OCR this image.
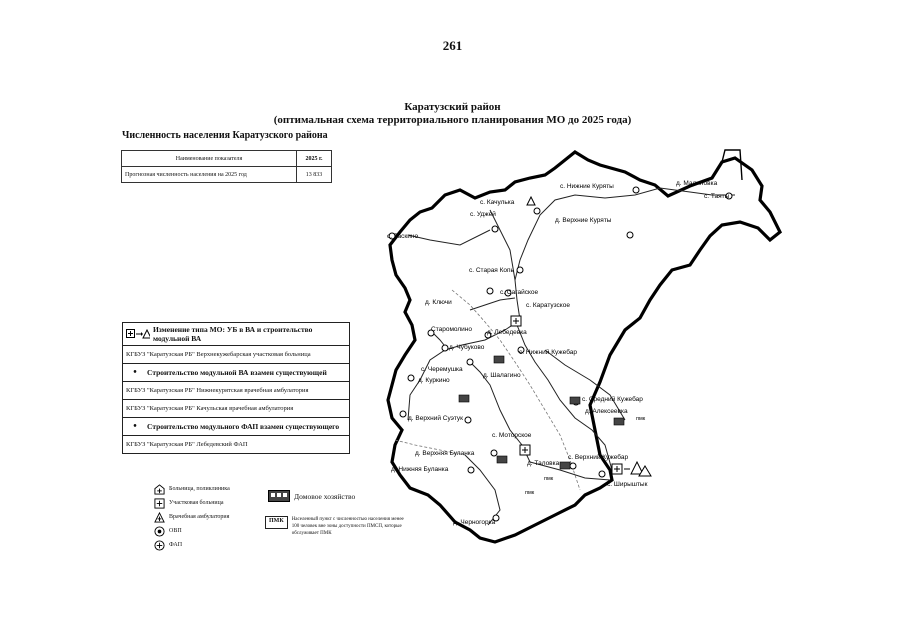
261
Каратузский район
(оптимальная схема территориального планирования МО до 2025 года)
Численность населения Каратузского района
Наименование показателя	2025 г.
Прогнозная численность населения на 2025 год	13 833
Изменение типа МО: УБ в ВА и строительство модульной ВА
КГБУЗ "Каратузская РБ" Верхнекужебарская участковая больница
•	Строительство модульной ВА взамен существующей
КГБУЗ "Каратузская РБ" Нижнекурятская врачебная амбулатория
КГБУЗ "Каратузская РБ" Качульская врачебная амбулатория
•	Строительство модульного ФАП взамен существующего
КГБУЗ "Каратузская РБ" Лебедевский ФАП
Больница, поликлиника
Участковая больница
Врачебная амбулатория
ОВП
ФАП
Домовое хозяйство
ПМК	Населенный пункт с численностью населения менее 100 человек вне зоны доступности ПМСП, которые обслуживает ПМК
д. Малиновка
с. Нижние Куряты
с. Качулька
с. Таяты
с. Таскино
с. Уджей
д. Верхние Куряты
с. Старая Копь
с. Сагайское
д. Ключи	с. Каратузское
Старомолино д. Лебедевка
д. Чубуково
с. Нижний Кужебар
с. Черемушка
д. Шалагино
д. Куркино
с. Средний Кужебар
д. Алексеевка
д. Верхний Суэтук
с. Моторское
д. Верхняя Буланка
д. Таловка
с. Верхний Кужебар
д. Нижняя Буланка
с. Ширыштык
д. Черногорка
пмк
пмк
пмк
